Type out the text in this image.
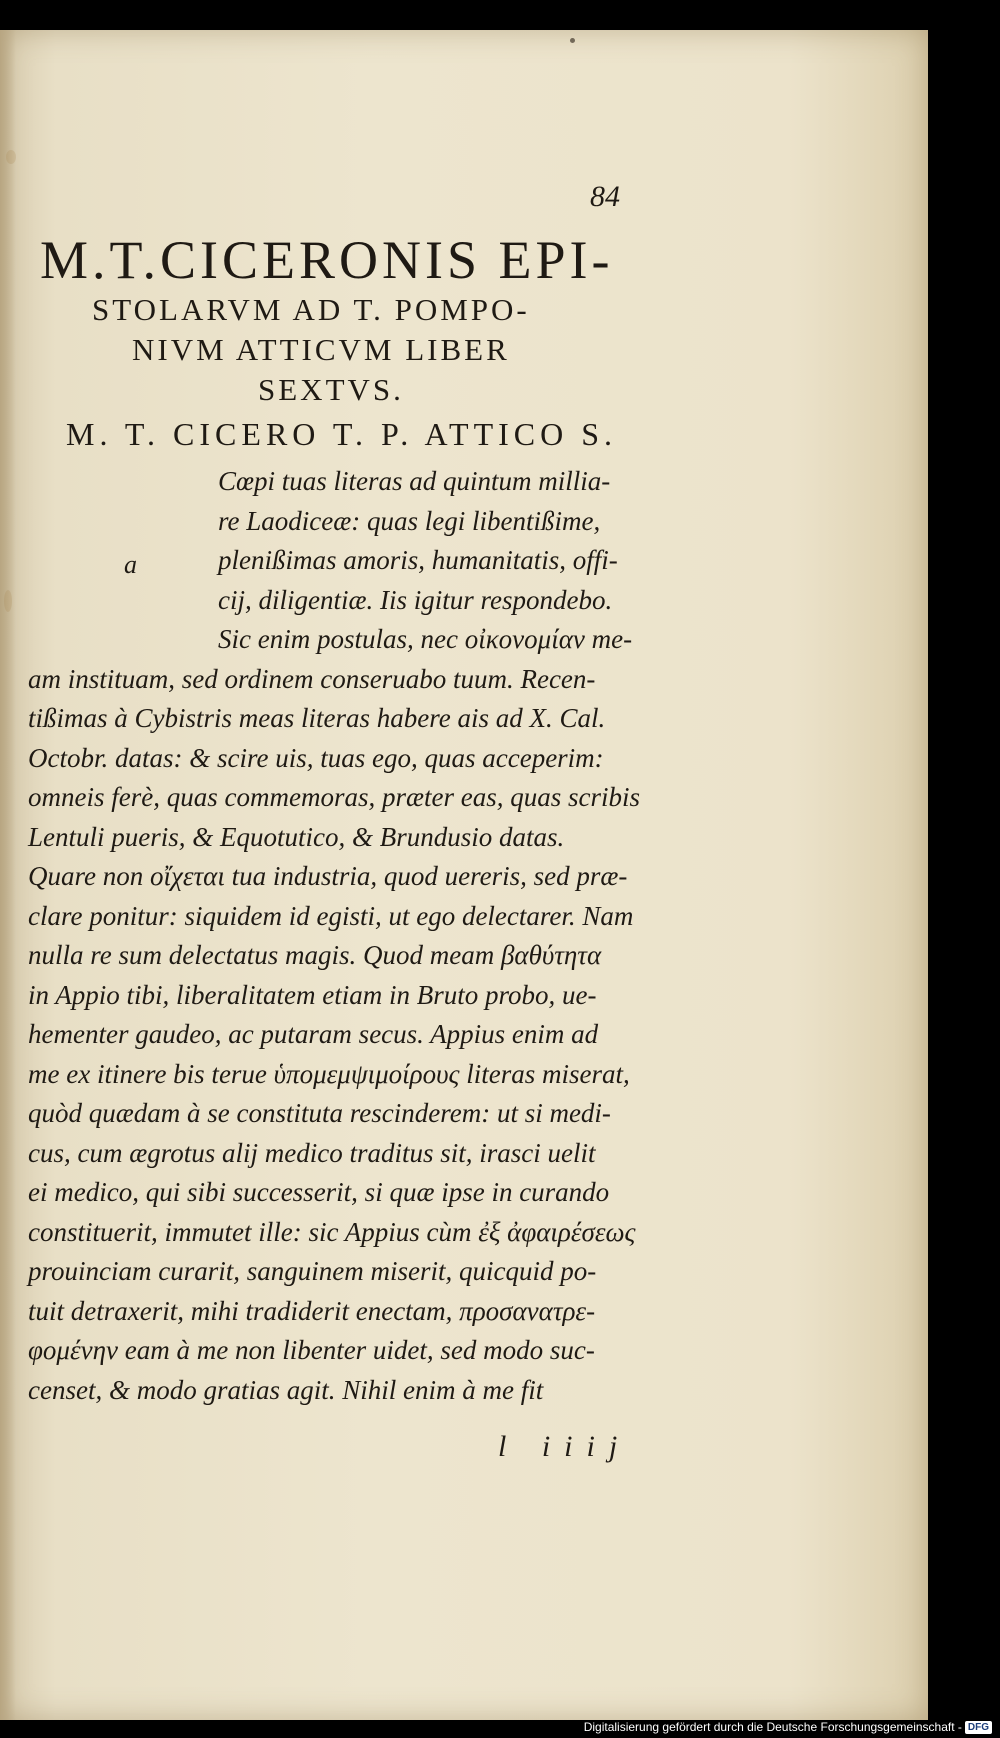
84
M.T.CICERONIS EPI-
STOLARVM AD T. POMPO-
NIVM ATTICVM LIBER
SEXTVS.
M. T. CICERO T. P. ATTICO S.
a
Cœpi tuas literas ad quintum millia-
re Laodiceæ: quas legi libentißime,
plenißimas amoris, humanitatis, offi-
cij, diligentiæ. Iis igitur respondebo.
Sic enim postulas, nec οἰκονομίαν me-
am instituam, sed ordinem conseruabo tuum. Recen-
tißimas à Cybistris meas literas habere ais ad X. Cal.
Octobr. datas: & scire uis, tuas ego, quas acceperim:
omneis ferè, quas commemoras, præter eas, quas scribis
Lentuli pueris, & Equotutico, & Brundusio datas.
Quare non οἴχεται tua industria, quod uereris, sed præ-
clare ponitur: siquidem id egisti, ut ego delectarer. Nam
nulla re sum delectatus magis. Quod meam βαθύτητα
in Appio tibi, liberalitatem etiam in Bruto probo, ue-
hementer gaudeo, ac putaram secus. Appius enim ad
me ex itinere bis terue ὑπομεμψιμοίρους literas miserat,
quòd quædam à se constituta rescinderem: ut si medi-
cus, cum ægrotus alij medico traditus sit, irasci uelit
ei medico, qui sibi successerit, si quæ ipse in curando
constituerit, immutet ille: sic Appius cùm ἐξ ἀφαιρέσεως
prouinciam curarit, sanguinem miserit, quicquid po-
tuit detraxerit, mihi tradiderit enectam, προσανατρε-
φομένην eam à me non libenter uidet, sed modo suc-
censet, & modo gratias agit. Nihil enim à me fit
l iiij
Digitalisierung gefördert durch die Deutsche Forschungsgemeinschaft - DFG
